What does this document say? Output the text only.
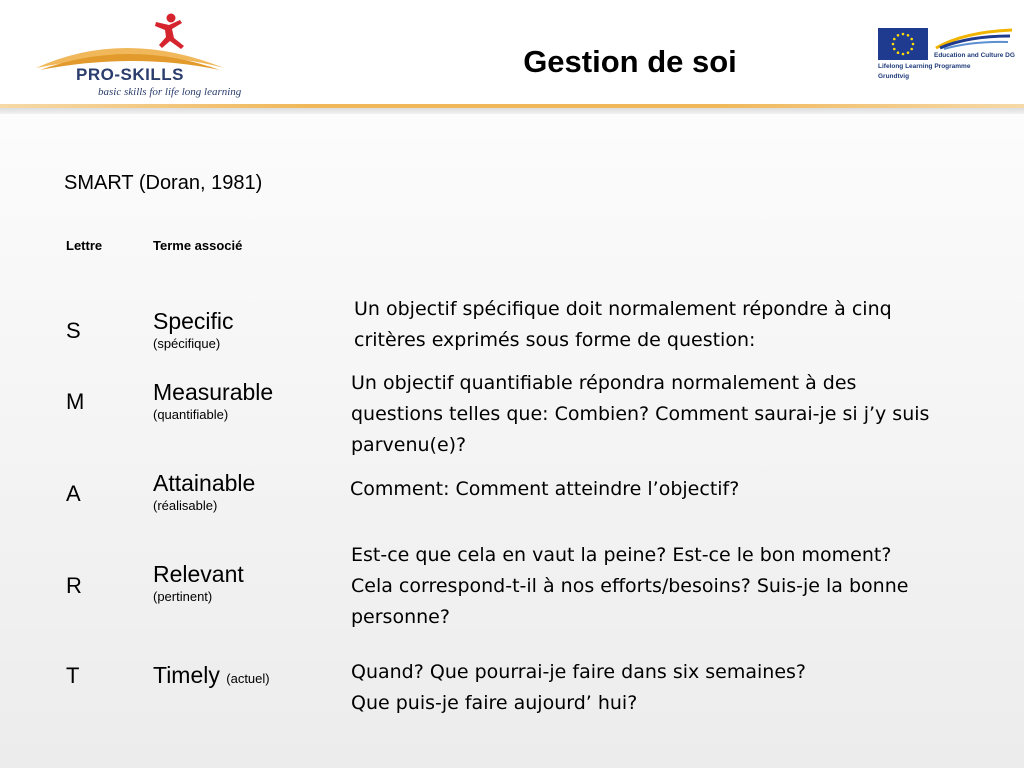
PRO-SKILLS
basic skills for life long learning
Gestion de soi	Education and Culture DG
Lifelong Learning Programme
Grundtvig
SMART (Doran, 1981)
Lettre	Terme associé
S	Specific
(spécifique)
Un objectif spécifique doit normalement répondre à cinq
critères exprimés sous forme de question:
M	Measurable
(quantifiable)
Un objectif quantifiable répondra normalement à des
questions telles que: Combien? Comment saurai-je si j’y suis
parvenu(e)?
A	Attainable
(réalisable)
Comment: Comment atteindre l’objectif?
R	Relevant
(pertinent)
Est-ce que cela en vaut la peine? Est-ce le bon moment?
Cela correspond-t-il à nos efforts/besoins? Suis-je la bonne
personne?
T	Timely (actuel)	Quand? Que pourrai-je faire dans six semaines?
Que puis-je faire aujourd’ hui?
